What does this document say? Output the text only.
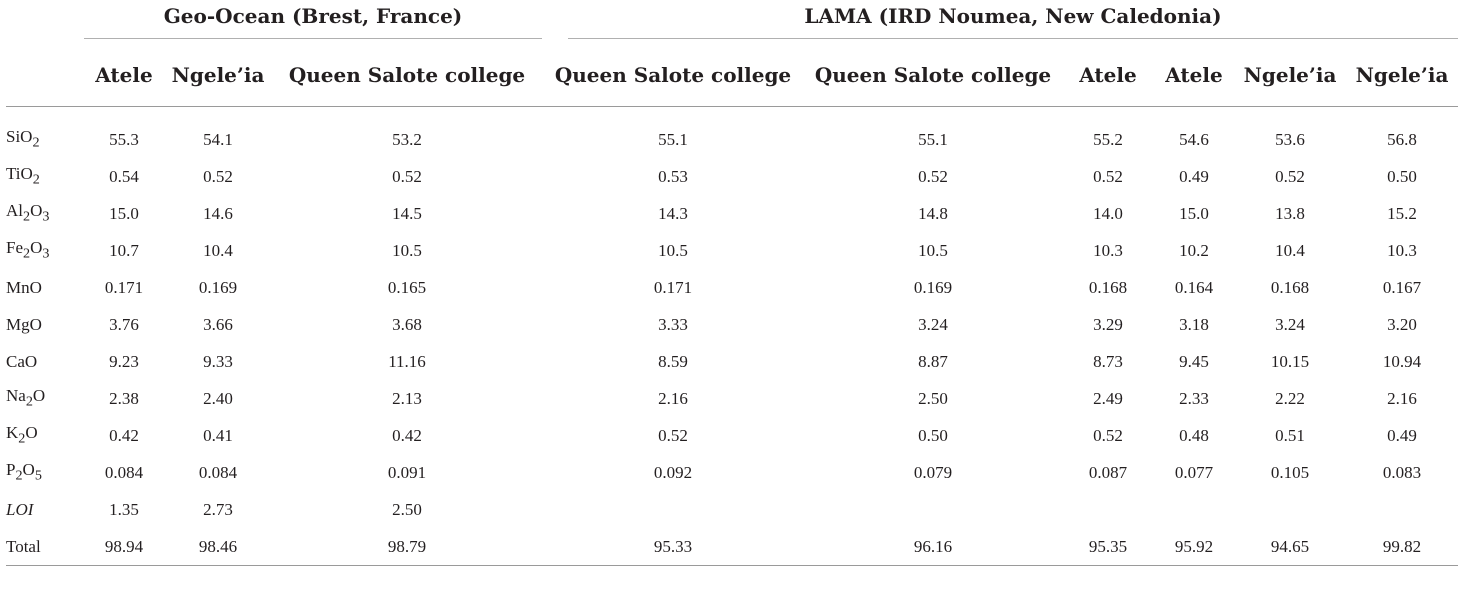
	Geo-Ocean (Brest, France)			LAMA (IRD Noumea, New Caledonia)					

	Atele	Ngele’ia	Queen Salote college	Queen Salote college	Queen Salote college	Atele	Atele	Ngele’ia	Ngele’ia

SiO$_2$	55.3	54.1	53.2	55.1	55.1	55.2	54.6	53.6	56.8
TiO$_2$	0.54	0.52	0.52	0.53	0.52	0.52	0.49	0.52	0.50
$Al_2O_3$	15.0	14.6	14.5	14.3	14.8	14.0	15.0	13.8	15.2
$Fe_2O_3$	10.7	10.4	10.5	10.5	10.5	10.3	10.2	10.4	10.3
MnO	0.171	0.169	0.165	0.171	0.169	0.168	0.164	0.168	0.167
MgO	3.76	3.66	3.68	3.33	3.24	3.29	3.18	3.24	3.20
CaO	9.23	9.33	11.16	8.59	8.87	8.73	9.45	10.15	10.94
$Na_2O$	2.38	2.40	2.13	2.16	2.50	2.49	2.33	2.22	2.16
$K_2O$	0.42	0.41	0.42	0.52	0.50	0.52	0.48	0.51	0.49
$P_2O_5$	0.084	0.084	0.091	0.092	0.079	0.087	0.077	0.105	0.083
LOI	1.35	2.73	2.50						
Total	98.94	98.46	98.79	95.33	96.16	95.35	95.92	94.65	99.82
